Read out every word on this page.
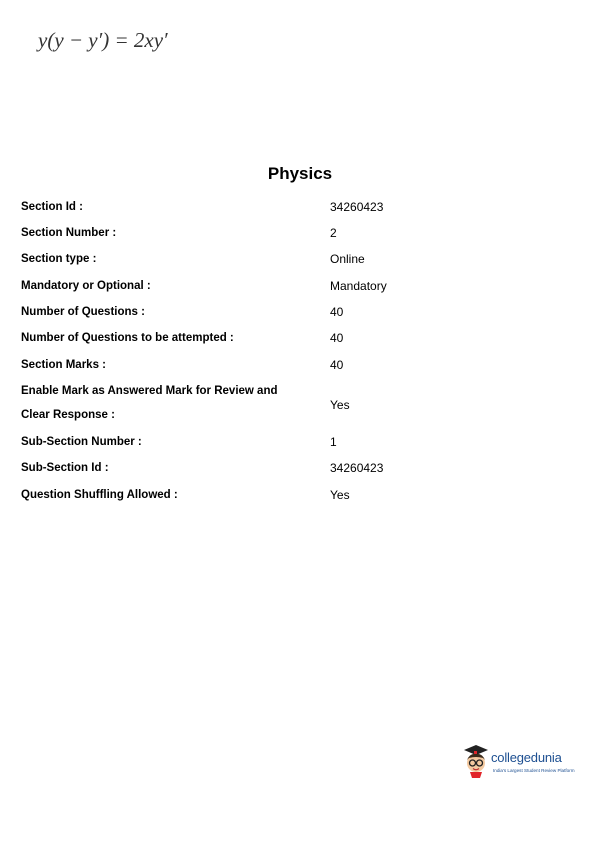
y(y − y′) = 2xy′
Physics
Section Id :	34260423
Section Number :	2
Section type :	Online
Mandatory or Optional :	Mandatory
Number of Questions :	40
Number of Questions to be attempted :	40
Section Marks :	40
Enable Mark as Answered Mark for Review and
Clear Response :
Yes
Sub-Section Number :	1
Sub-Section Id :	34260423
Question Shuffling Allowed :	Yes
collegedunia
India's Largest Student Review Platform
